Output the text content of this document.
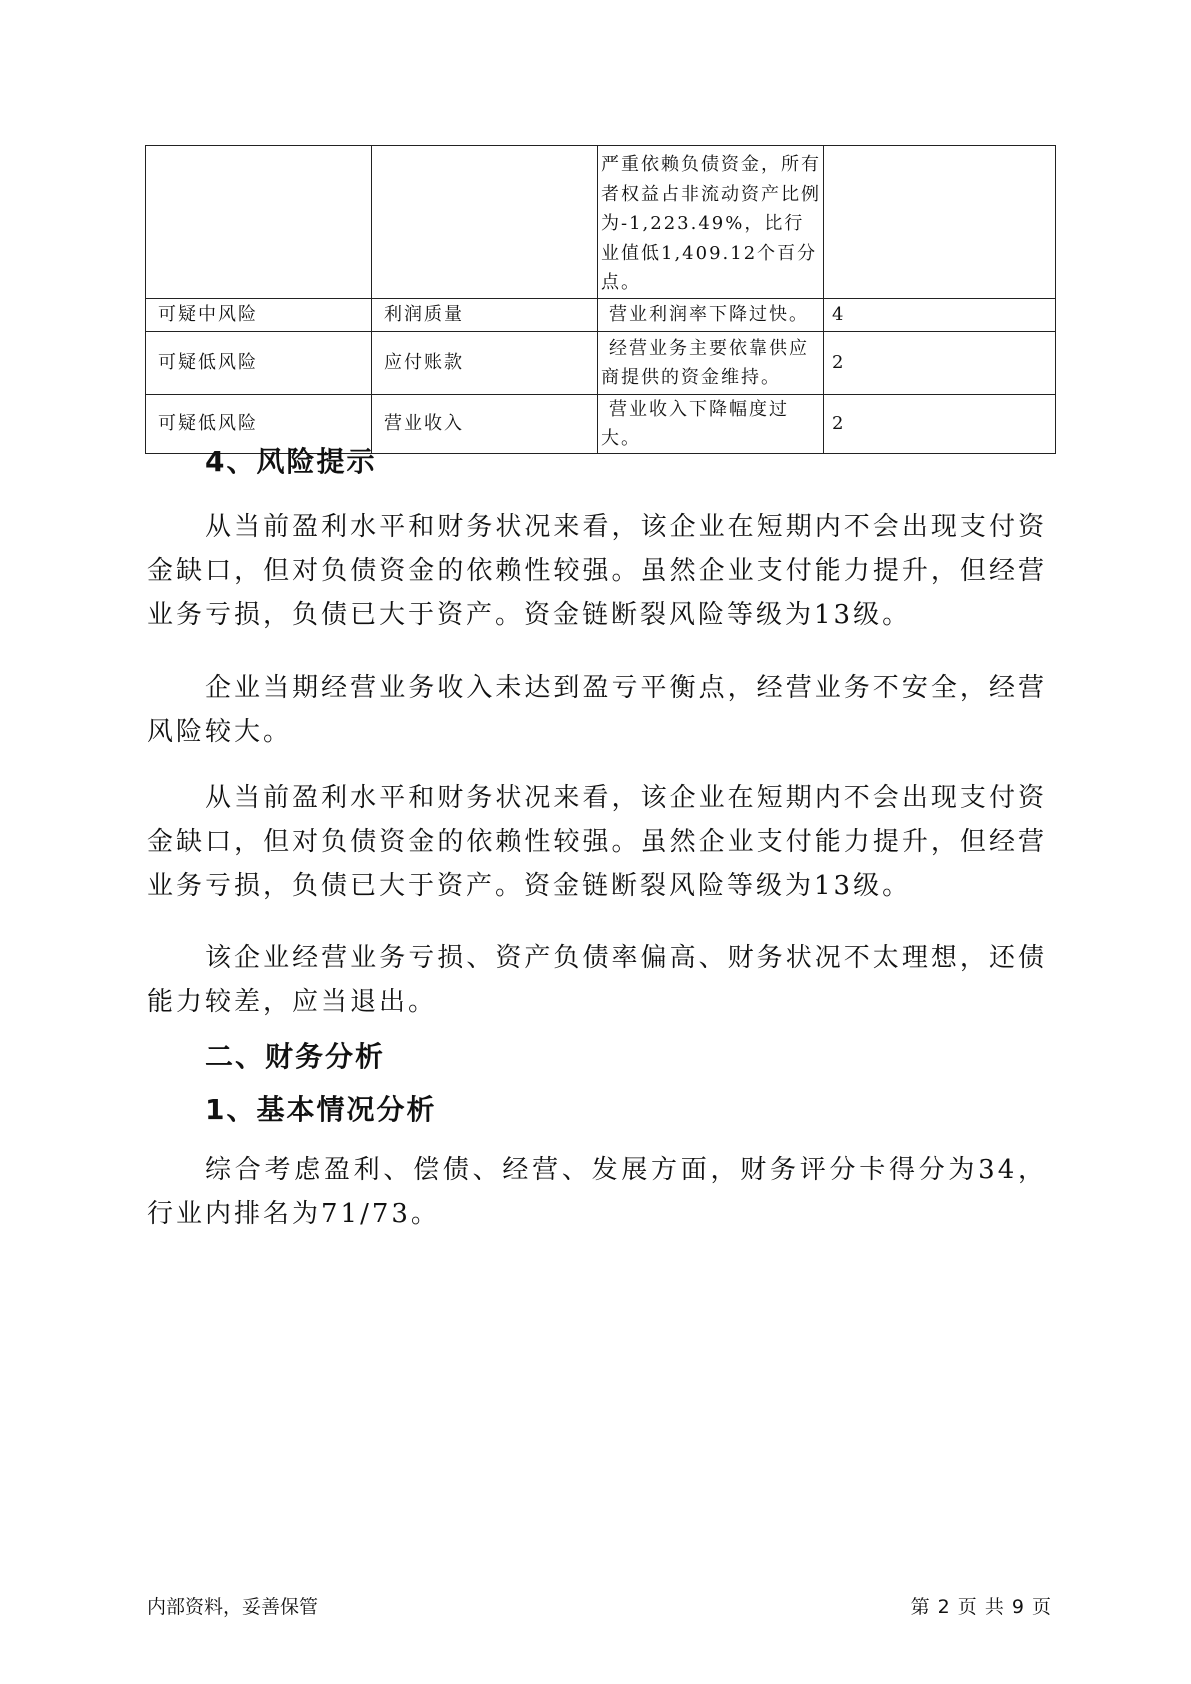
		严重依赖负债资金，所有者权益占非流动资产比例为-1,223.49%，比行业值低1,409.12个百分点。	
可疑中风险	利润质量	营业利润率下降过快。	4
可疑低风险	应付账款	经营业务主要依靠供应商提供的资金维持。	2
可疑低风险	营业收入	营业收入下降幅度过大。	2
4、风险提示

从当前盈利水平和财务状况来看，该企业在短期内不会出现支付资金缺口，但对负债资金的依赖性较强。虽然企业支付能力提升，但经营业务亏损，负债已大于资产。资金链断裂风险等级为13级。

企业当期经营业务收入未达到盈亏平衡点，经营业务不安全，经营风险较大。

从当前盈利水平和财务状况来看，该企业在短期内不会出现支付资金缺口，但对负债资金的依赖性较强。虽然企业支付能力提升，但经营业务亏损，负债已大于资产。资金链断裂风险等级为13级。

该企业经营业务亏损、资产负债率偏高、财务状况不太理想，还债能力较差，应当退出。

二、财务分析
1、基本情况分析

综合考虑盈利、偿债、经营、发展方面，财务评分卡得分为34，行业内排名为71/73。

内部资料，妥善保管	第 2 页 共 9 页
